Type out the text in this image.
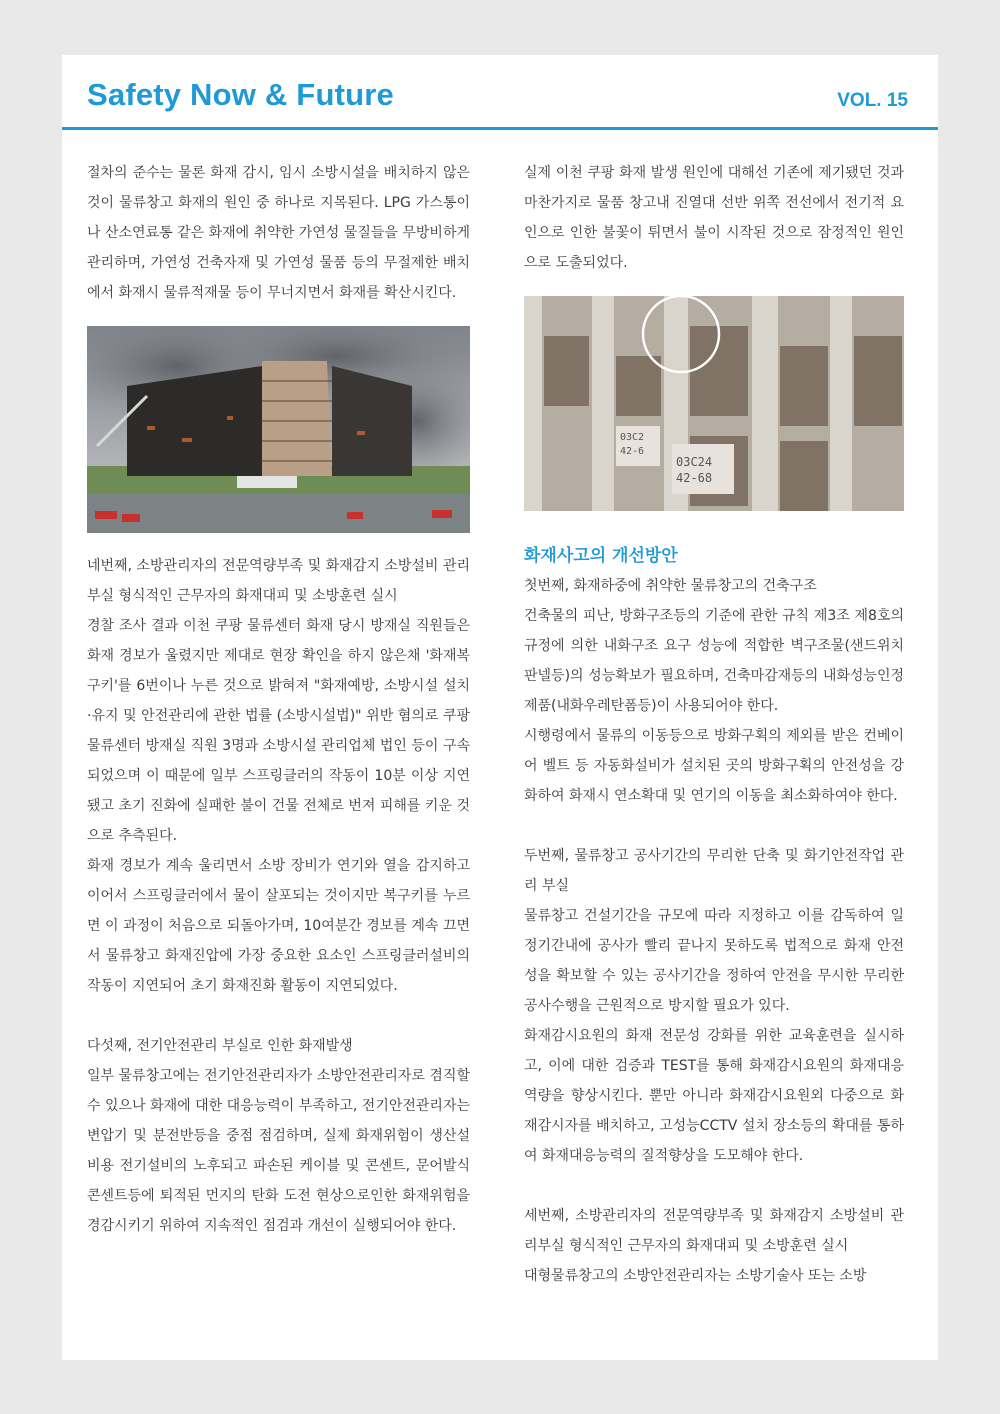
Safety Now & Future	VOL. 15

절차의 준수는 물론 화재 감시, 임시 소방시설을 배치하지 않은 것이 물류창고 화재의 원인 중 하나로 지목된다. LPG 가스통이나 산소연료통 같은 화재에 취약한 가연성 물질들을 무방비하게 관리하며, 가연성 건축자재 및 가연성 물품 등의 무절제한 배치에서 화재시 물류적재물 등이 무너지면서 화재를 확산시킨다.

네번째, 소방관리자의 전문역량부족 및 화재감지 소방설비 관리부실 형식적인 근무자의 화재대피 및 소방훈련 실시

경찰 조사 결과 이천 쿠팡 물류센터 화재 당시 방재실 직원들은 화재 경보가 울렸지만 제대로 현장 확인을 하지 않은채 '화재복구키'를 6번이나 누른 것으로 밝혀져 "화재예방, 소방시설 설치·유지 및 안전관리에 관한 법률 (소방시설법)" 위반 혐의로 쿠팡물류센터 방재실 직원 3명과 소방시설 관리업체 법인 등이 구속되었으며 이 때문에 일부 스프링클러의 작동이 10분 이상 지연됐고 초기 진화에 실패한 불이 건물 전체로 번져 피해를 키운 것으로 추측된다.

화재 경보가 계속 울리면서 소방 장비가 연기와 열을 감지하고 이어서 스프링클러에서 물이 살포되는 것이지만 복구키를 누르면 이 과정이 처음으로 되돌아가며, 10여분간 경보를 계속 끄면서 물류창고 화재진압에 가장 중요한 요소인 스프링클러설비의 작동이 지연되어 초기 화재진화 활동이 지연되었다.

다섯째, 전기안전관리 부실로 인한 화재발생

일부 물류창고에는 전기안전관리자가 소방안전관리자로 겸직할 수 있으나 화재에 대한 대응능력이 부족하고, 전기안전관리자는 변압기 및 분전반등을 중점 점검하며, 실제 화재위험이 생산설비용 전기설비의 노후되고 파손된 케이블 및 콘센트, 문어발식콘센트등에 퇴적된 먼지의 탄화 도전 현상으로인한 화재위험을 경감시키기 위하여 지속적인 점검과 개선이 실행되어야 한다.

실제 이천 쿠팡 화재 발생 원인에 대해선 기존에 제기됐던 것과 마찬가지로 물품 창고내 진열대 선반 위쪽 전선에서 전기적 요인으로 인한 불꽃이 튀면서 불이 시작된 것으로 잠정적인 원인으로 도출되었다.

03C2
42-6
03C24
42-68

화재사고의 개선방안

첫번째, 화재하중에 취약한 물류창고의 건축구조

건축물의 피난, 방화구조등의 기준에 관한 규칙 제3조 제8호의 규정에 의한 내화구조 요구 성능에 적합한 벽구조물(샌드위치판넬등)의 성능확보가 필요하며, 건축마감재등의 내화성능인정제품(내화우레탄폼등)이 사용되어야 한다.

시행령에서 물류의 이동등으로 방화구획의 제외를 받은 컨베이어 벨트 등 자동화설비가 설치된 곳의 방화구획의 안전성을 강화하여 화재시 연소확대 및 연기의 이동을 최소화하여야 한다.

두번째, 물류창고 공사기간의 무리한 단축 및 화기안전작업 관리 부실

물류창고 건설기간을 규모에 따라 지정하고 이를 감독하여 일정기간내에 공사가 빨리 끝나지 못하도록 법적으로 화재 안전성을 확보할 수 있는 공사기간을 정하여 안전을 무시한 무리한 공사수행을 근원적으로 방지할 필요가 있다.

화재감시요원의 화재 전문성 강화를 위한 교육훈련을 실시하고, 이에 대한 검증과 TEST를 통해 화재감시요원의 화재대응 역량을 향상시킨다. 뿐만 아니라 화재감시요원외 다중으로 화재감시자를 배치하고, 고성능CCTV 설치 장소등의 확대를 통하여 화재대응능력의 질적향상을 도모해야 한다.

세번째, 소방관리자의 전문역량부족 및 화재감지 소방설비 관리부실 형식적인 근무자의 화재대피 및 소방훈련 실시

대형물류창고의 소방안전관리자는 소방기술사 또는 소방
